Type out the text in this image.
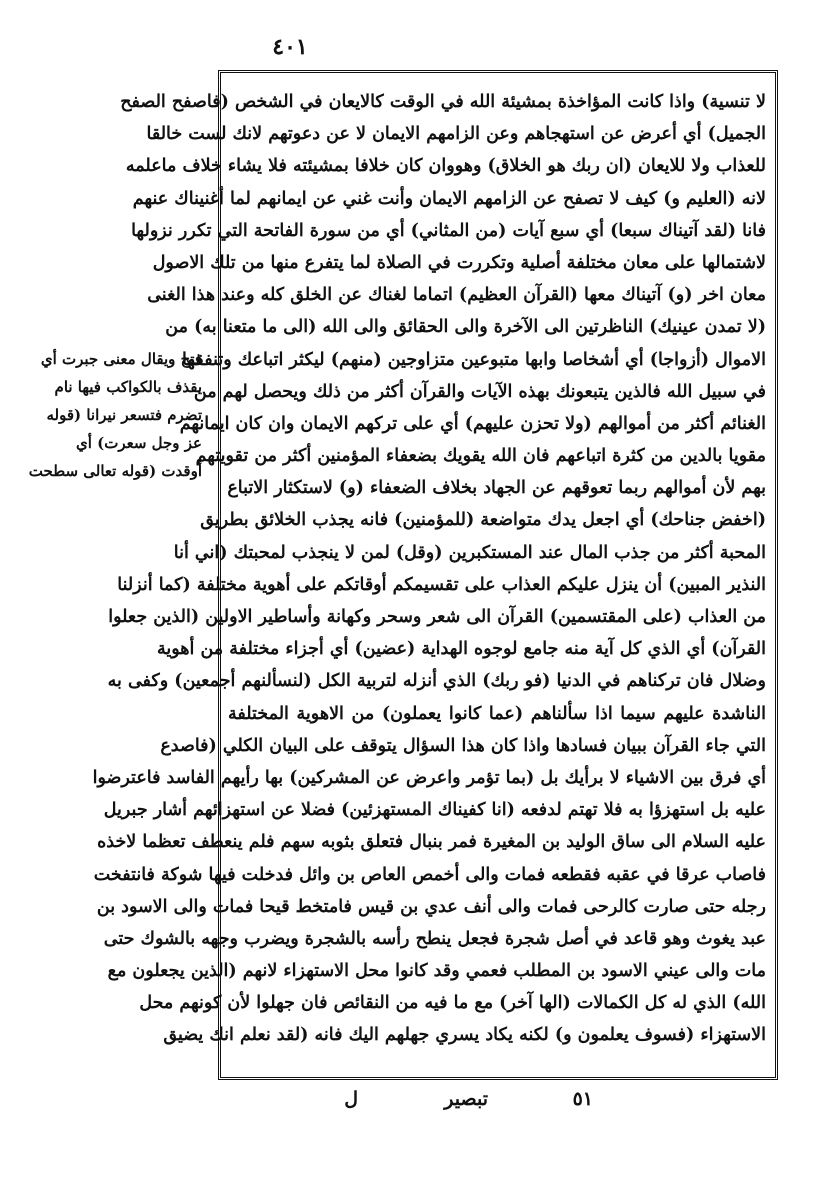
٤٠١
لا تنسية) واذا كانت المؤاخذة بمشيئة الله في الوقت كالايعان في الشخص (فاصفح الصفح
الجميل) أي أعرض عن استهجاهم وعن الزامهم الايمان لا عن دعوتهم لانك لست خالقا
للعذاب ولا للايعان (ان ربك هو الخلاق) وهووان كان خلافا بمشيئته فلا يشاء خلاف ماعلمه
لانه (العليم و) كيف لا تصفح عن الزامهم الايمان وأنت غني عن ايمانهم لما أغنيناك عنهم
فانا (لقد آتيناك سبعا) أي سبع آيات (من المثاني) أي من سورة الفاتحة التي تكرر نزولها
لاشتمالها على معان مختلفة أصلية وتكررت في الصلاة لما يتفرع منها من تلك الاصول
معان اخر (و) آتيناك معها (القرآن العظيم) اتماما لغناك عن الخلق كله وعند هذا الغنى
(لا تمدن عينيك) الناظرتين الى الآخرة والى الحقائق والى الله (الى ما متعنا به) من
الاموال (أزواجا) أي أشخاصا وابها متبوعين متزاوجين (منهم) ليكثر اتباعك وتنفقها
في سبيل الله فالذين يتبعونك بهذه الآيات والقرآن أكثر من ذلك ويحصل لهم من
الغنائم أكثر من أموالهم (ولا تحزن عليهم) أي على تركهم الايمان وان كان ايمانهم
مقويا بالدين من كثرة اتباعهم فان الله يقويك بضعفاء المؤمنين أكثر من تقويتهم
بهم لأن أموالهم ربما تعوقهم عن الجهاد بخلاف الضعفاء (و) لاستكثار الاتباع
(اخفض جناحك) أي اجعل يدك متواضعة (للمؤمنين) فانه يجذب الخلائق بطريق
المحبة أكثر من جذب المال عند المستكبرين (وقل) لمن لا ينجذب لمحبتك (اني أنا
النذير المبين) أن ينزل عليكم العذاب على تقسيمكم أوقاتكم على أهوية مختلفة (كما أنزلنا
من العذاب (على المقتسمين) القرآن الى شعر وسحر وكهانة وأساطير الاولين (الذين جعلوا
القرآن) أي الذي كل آية منه جامع لوجوه الهداية (عضين) أي أجزاء مختلفة من أهوية
وضلال فان تركناهم في الدنيا (فو ربك) الذي أنزله لتربية الكل (لنسألنهم أجمعين) وكفى به
الناشدة عليهم سيما اذا سألناهم (عما كانوا يعملون) من الاهوية المختلفة
التي جاء القرآن ببيان فسادها واذا كان هذا السؤال يتوقف على البيان الكلي (فاصدع
أي فرق بين الاشياء لا برأيك بل (بما تؤمر واعرض عن المشركين) بها رأيهم الفاسد فاعترضوا
عليه بل استهزؤا به فلا تهتم لدفعه (انا كفيناك المستهزئين) فضلا عن استهزائهم أشار جبريل
عليه السلام الى ساق الوليد بن المغيرة فمر بنبال فتعلق بثوبه سهم فلم ينعطف تعظما لاخذه
فاصاب عرقا في عقبه فقطعه فمات والى أخمص العاص بن وائل فدخلت فيها شوكة فانتفخت
رجله حتى صارت كالرحى فمات والى أنف عدي بن قيس فامتخط قيحا فمات والى الاسود بن
عبد يغوث وهو قاعد في أصل شجرة فجعل ينطح رأسه بالشجرة ويضرب وجهه بالشوك حتى
مات والى عيني الاسود بن المطلب فعمي وقد كانوا محل الاستهزاء لانهم (الذين يجعلون مع
الله) الذي له كل الكمالات (الها آخر) مع ما فيه من النقائص فان جهلوا لأن كونهم محل
الاستهزاء (فسوف يعلمون و) لكنه يكاد يسري جهلهم اليك فانه (لقد نعلم انك يضيق
فتح ويقال معنى جبرت أي
يقذف بالكواكب فيها نام
تضرم فتسعر نيرانا (قوله
عز وجل سعرت) أي
أوقدت (قوله تعالى سطحت
٥١
تبصير
ل
